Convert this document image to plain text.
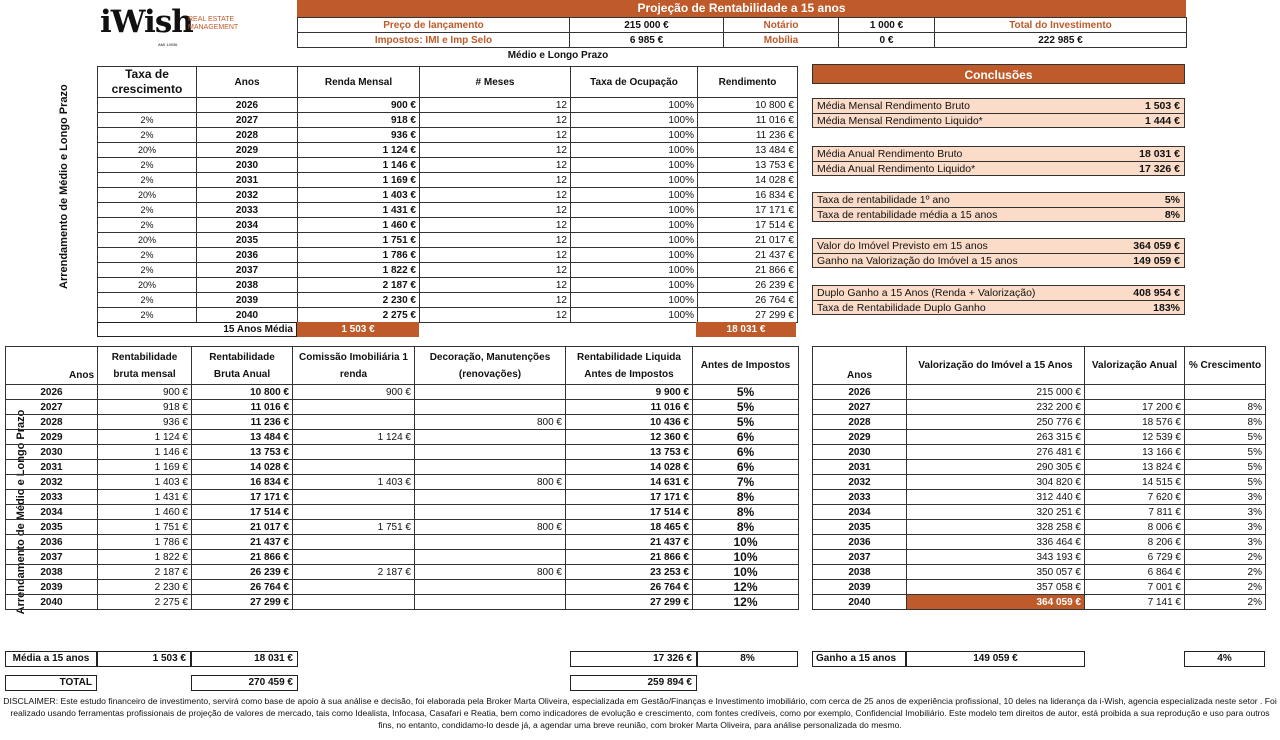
iWish
REAL ESTATE
MANAGEMENT
AMI 14936
Projeção de Rentabilidade a 15 anos
Preço de lançamento	215 000 €	Notário	1 000 €	Total do Investimento
Impostos: IMI e Imp Selo	6 985 €	Mobília	0 €	222 985 €
Médio e Longo Prazo
Arrendamento de Médio e Longo Prazo
Arrendamento de Médio e Longo Prazo
Taxa de crescimento	Anos	Renda Mensal	# Meses	Taxa de Ocupação	Rendimento
	2026	900 €	12	100%	10 800 €
2%	2027	918 €	12	100%	11 016 €
2%	2028	936 €	12	100%	11 236 €
20%	2029	1 124 €	12	100%	13 484 €
2%	2030	1 146 €	12	100%	13 753 €
2%	2031	1 169 €	12	100%	14 028 €
20%	2032	1 403 €	12	100%	16 834 €
2%	2033	1 431 €	12	100%	17 171 €
2%	2034	1 460 €	12	100%	17 514 €
20%	2035	1 751 €	12	100%	21 017 €
2%	2036	1 786 €	12	100%	21 437 €
2%	2037	1 822 €	12	100%	21 866 €
20%	2038	2 187 €	12	100%	26 239 €
2%	2039	2 230 €	12	100%	26 764 €
2%	2040	2 275 €	12	100%	27 299 €
15 Anos Média	1 503 €	18 031 €
Conclusões
Média Mensal Rendimento Bruto	1 503 €
Média Mensal Rendimento Liquido*	1 444 €
Média Anual Rendimento Bruto	18 031 €
Média Anual Rendimento Liquido*	17 326 €
Taxa de rentabilidade 1º ano	5%
Taxa de rentabilidade média a 15 anos	8%
Valor do Imóvel Previsto em 15 anos	364 059 €
Ganho na Valorização do Imóvel a 15 anos	149 059 €
Duplo Ganho a 15 Anos (Renda + Valorização)	408 954 €
Taxa de Rentabilidade Duplo Ganho	183%
Anos	Rentabilidade bruta mensal	Rentabilidade Bruta Anual	Comissão Imobiliária 1 renda	Decoração, Manutenções (renovações)	Rentabilidade Liquida Antes de Impostos	Antes de Impostos
2026	900 €	10 800 €	900 €		9 900 €	5%
2027	918 €	11 016 €			11 016 €	5%
2028	936 €	11 236 €		800 €	10 436 €	5%
2029	1 124 €	13 484 €	1 124 €		12 360 €	6%
2030	1 146 €	13 753 €			13 753 €	6%
2031	1 169 €	14 028 €			14 028 €	6%
2032	1 403 €	16 834 €	1 403 €	800 €	14 631 €	7%
2033	1 431 €	17 171 €			17 171 €	8%
2034	1 460 €	17 514 €			17 514 €	8%
2035	1 751 €	21 017 €	1 751 €	800 €	18 465 €	8%
2036	1 786 €	21 437 €			21 437 €	10%
2037	1 822 €	21 866 €			21 866 €	10%
2038	2 187 €	26 239 €	2 187 €	800 €	23 253 €	10%
2039	2 230 €	26 764 €			26 764 €	12%
2040	2 275 €	27 299 €			27 299 €	12%
Média a 15 anos	1 503 €	18 031 €	17 326 €	8%
TOTAL	270 459 €	259 894 €
Anos	Valorização do Imóvel a 15 Anos	Valorização Anual	% Crescimento
2026	215 000 €		
2027	232 200 €	17 200 €	8%
2028	250 776 €	18 576 €	8%
2029	263 315 €	12 539 €	5%
2030	276 481 €	13 166 €	5%
2031	290 305 €	13 824 €	5%
2032	304 820 €	14 515 €	5%
2033	312 440 €	7 620 €	3%
2034	320 251 €	7 811 €	3%
2035	328 258 €	8 006 €	3%
2036	336 464 €	8 206 €	3%
2037	343 193 €	6 729 €	2%
2038	350 057 €	6 864 €	2%
2039	357 058 €	7 001 €	2%
2040	364 059 €	7 141 €	2%
Ganho a 15 anos	149 059 €	4%
DISCLAIMER: Este estudo financeiro de investimento, servirá como base de apoio à sua análise e decisão, foi elaborada pela Broker Marta Oliveira, especializada em Gestão/Finanças e Investimento imobiliário, com cerca de 25 anos de experiência profissional, 10 deles na liderança da i-Wish, agencia especializada neste setor . Foi realizado usando ferramentas profissionais de projeção de valores de mercado, tais como Idealista, Infocasa, Casafari e Reatia, bem como indicadores de evolução e crescimento, com fontes credíveis, como por exemplo, Confidencial Imobiliário. Este modelo tem direitos de autor, está proibida a sua reprodução e uso para outros fins, no entanto, condidamo-lo desde já, a agendar uma breve reunião, com broker Marta Oliveira, para análise personalizada do mesmo.
